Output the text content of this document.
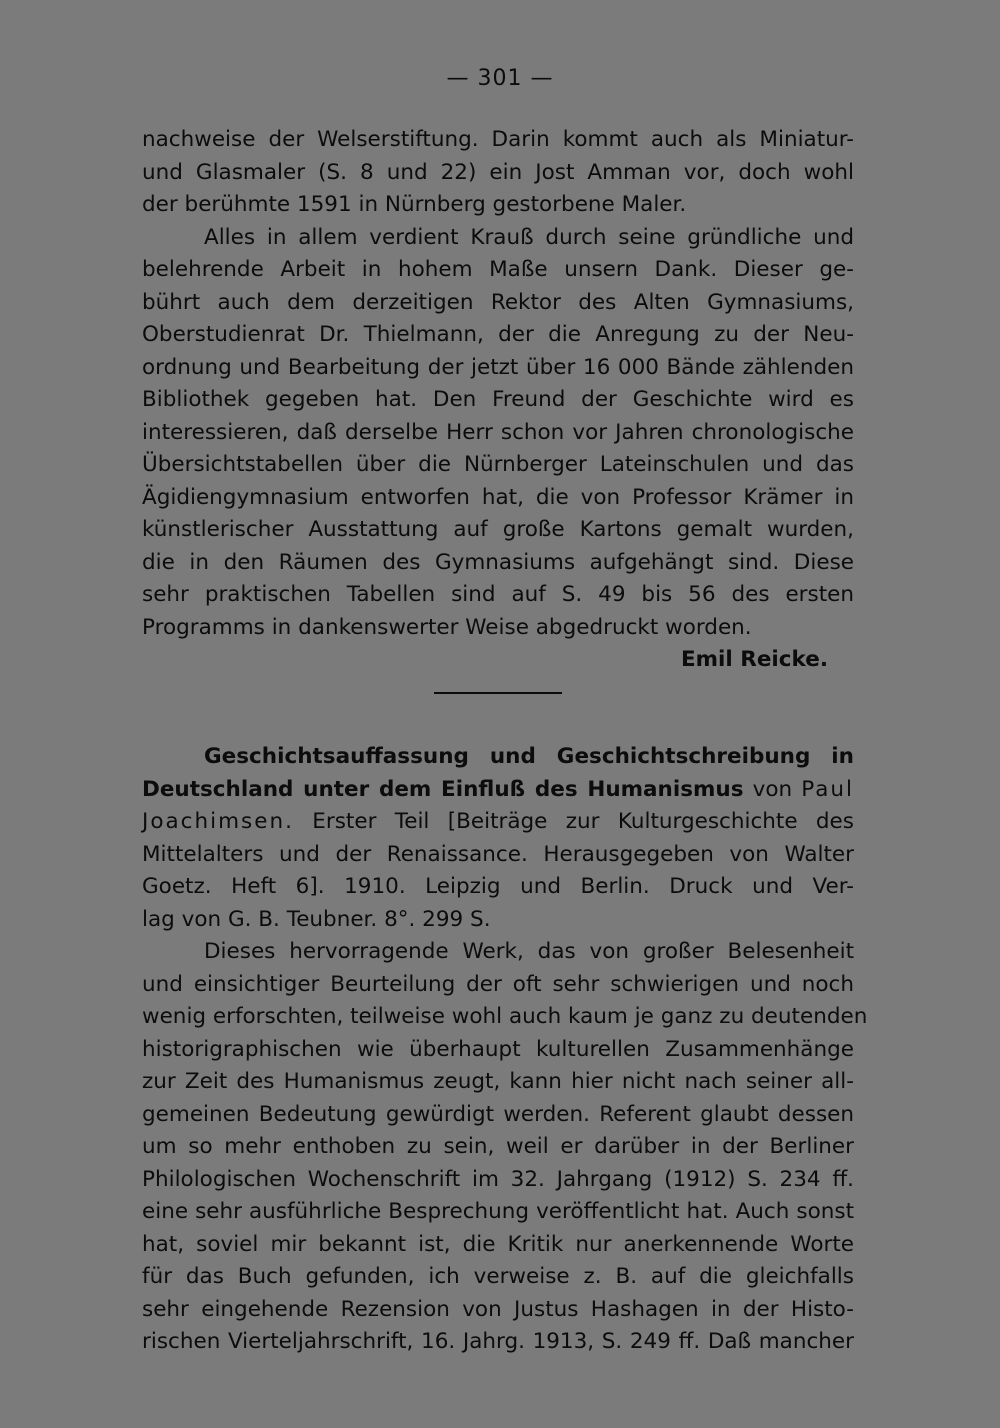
— 301 —
nachweise der Welserstiftung. Darin kommt auch als Miniatur-
und Glasmaler (S. 8 und 22) ein Jost Amman vor, doch wohl
der berühmte 1591 in Nürnberg gestorbene Maler.
Alles in allem verdient Krauß durch seine gründliche und
belehrende Arbeit in hohem Maße unsern Dank. Dieser ge-
bührt auch dem derzeitigen Rektor des Alten Gymnasiums,
Oberstudienrat Dr. Thielmann, der die Anregung zu der Neu-
ordnung und Bearbeitung der jetzt über 16 000 Bände zählenden
Bibliothek gegeben hat. Den Freund der Geschichte wird es
interessieren, daß derselbe Herr schon vor Jahren chronologische
Übersichtstabellen über die Nürnberger Lateinschulen und das
Ägidiengymnasium entworfen hat, die von Professor Krämer in
künstlerischer Ausstattung auf große Kartons gemalt wurden,
die in den Räumen des Gymnasiums aufgehängt sind. Diese
sehr praktischen Tabellen sind auf S. 49 bis 56 des ersten
Programms in dankenswerter Weise abgedruckt worden.
Emil Reicke.
Geschichtsauffassung und Geschichtschreibung in
Deutschland unter dem Einfluß des Humanismus von Paul
Joachimsen. Erster Teil [Beiträge zur Kulturgeschichte des
Mittelalters und der Renaissance. Herausgegeben von Walter
Goetz. Heft 6]. 1910. Leipzig und Berlin. Druck und Ver-
lag von G. B. Teubner. 8°. 299 S.
Dieses hervorragende Werk, das von großer Belesenheit
und einsichtiger Beurteilung der oft sehr schwierigen und noch
wenig erforschten, teilweise wohl auch kaum je ganz zu deutenden
historigraphischen wie überhaupt kulturellen Zusammenhänge
zur Zeit des Humanismus zeugt, kann hier nicht nach seiner all-
gemeinen Bedeutung gewürdigt werden. Referent glaubt dessen
um so mehr enthoben zu sein, weil er darüber in der Berliner
Philologischen Wochenschrift im 32. Jahrgang (1912) S. 234 ff.
eine sehr ausführliche Besprechung veröffentlicht hat. Auch sonst
hat, soviel mir bekannt ist, die Kritik nur anerkennende Worte
für das Buch gefunden, ich verweise z. B. auf die gleichfalls
sehr eingehende Rezension von Justus Hashagen in der Histo-
rischen Vierteljahrschrift, 16. Jahrg. 1913, S. 249 ff. Daß mancher
